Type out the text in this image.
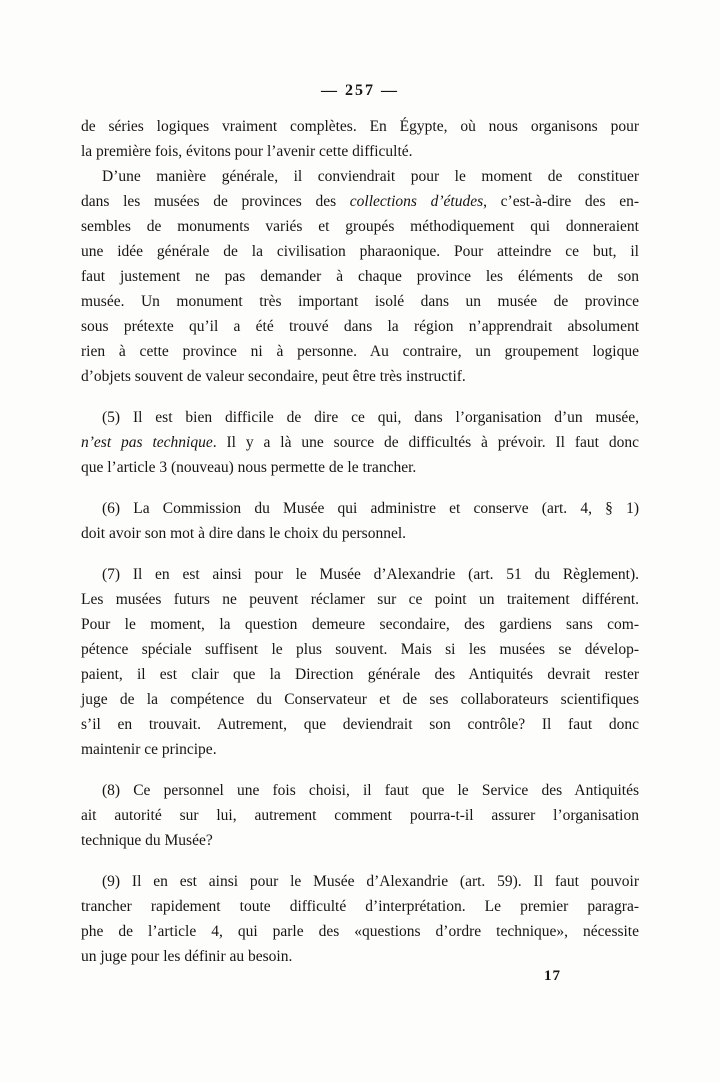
— 257 —
de séries logiques vraiment complètes. En Égypte, où nous organisons pour
la première fois, évitons pour l’avenir cette difficulté.
D’une manière générale, il conviendrait pour le moment de constituer
dans les musées de provinces des collections d’études, c’est-à-dire des en-
sembles de monuments variés et groupés méthodiquement qui donneraient
une idée générale de la civilisation pharaonique. Pour atteindre ce but, il
faut justement ne pas demander à chaque province les éléments de son
musée. Un monument très important isolé dans un musée de province
sous prétexte qu’il a été trouvé dans la région n’apprendrait absolument
rien à cette province ni à personne. Au contraire, un groupement logique
d’objets souvent de valeur secondaire, peut être très instructif.
(5) Il est bien difficile de dire ce qui, dans l’organisation d’un musée,
n’est pas technique. Il y a là une source de difficultés à prévoir. Il faut donc
que l’article 3 (nouveau) nous permette de le trancher.
(6) La Commission du Musée qui administre et conserve (art. 4, § 1)
doit avoir son mot à dire dans le choix du personnel.
(7) Il en est ainsi pour le Musée d’Alexandrie (art. 51 du Règlement).
Les musées futurs ne peuvent réclamer sur ce point un traitement différent.
Pour le moment, la question demeure secondaire, des gardiens sans com-
pétence spéciale suffisent le plus souvent. Mais si les musées se dévelop-
paient, il est clair que la Direction générale des Antiquités devrait rester
juge de la compétence du Conservateur et de ses collaborateurs scientifiques
s’il en trouvait. Autrement, que deviendrait son contrôle? Il faut donc
maintenir ce principe.
(8) Ce personnel une fois choisi, il faut que le Service des Antiquités
ait autorité sur lui, autrement comment pourra-t-il assurer l’organisation
technique du Musée?
(9) Il en est ainsi pour le Musée d’Alexandrie (art. 59). Il faut pouvoir
trancher rapidement toute difficulté d’interprétation. Le premier paragra-
phe de l’article 4, qui parle des «questions d’ordre technique», nécessite
un juge pour les définir au besoin.
17
